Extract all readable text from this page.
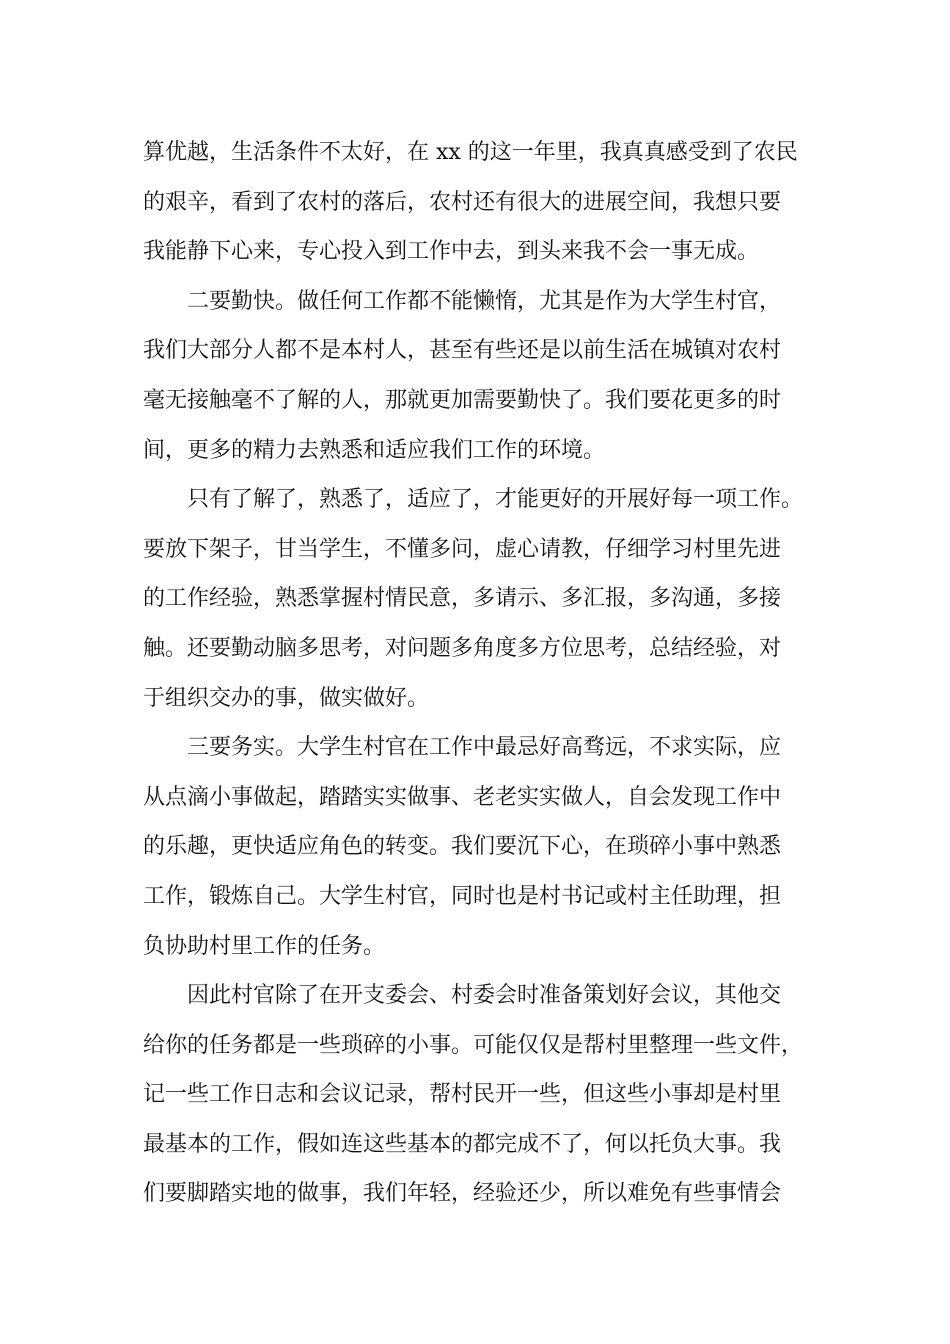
算优越，生活条件不太好，在 xx 的这一年里，我真真感受到了农民
的艰辛，看到了农村的落后，农村还有很大的进展空间，我想只要
我能静下心来，专心投入到工作中去，到头来我不会一事无成。
二要勤快。做任何工作都不能懒惰，尤其是作为大学生村官，
我们大部分人都不是本村人，甚至有些还是以前生活在城镇对农村
毫无接触毫不了解的人，那就更加需要勤快了。我们要花更多的时
间，更多的精力去熟悉和适应我们工作的环境。
只有了解了，熟悉了，适应了，才能更好的开展好每一项工作。
要放下架子，甘当学生，不懂多问，虚心请教，仔细学习村里先进
的工作经验，熟悉掌握村情民意，多请示、多汇报，多沟通，多接
触。还要勤动脑多思考，对问题多角度多方位思考，总结经验，对
于组织交办的事，做实做好。
三要务实。大学生村官在工作中最忌好高骛远，不求实际，应
从点滴小事做起，踏踏实实做事、老老实实做人，自会发现工作中
的乐趣，更快适应角色的转变。我们要沉下心，在琐碎小事中熟悉
工作，锻炼自己。大学生村官，同时也是村书记或村主任助理，担
负协助村里工作的任务。
因此村官除了在开支委会、村委会时准备策划好会议，其他交
给你的任务都是一些琐碎的小事。可能仅仅是帮村里整理一些文件，
记一些工作日志和会议记录，帮村民开一些，但这些小事却是村里
最基本的工作，假如连这些基本的都完成不了，何以托负大事。我
们要脚踏实地的做事，我们年轻，经验还少，所以难免有些事情会
